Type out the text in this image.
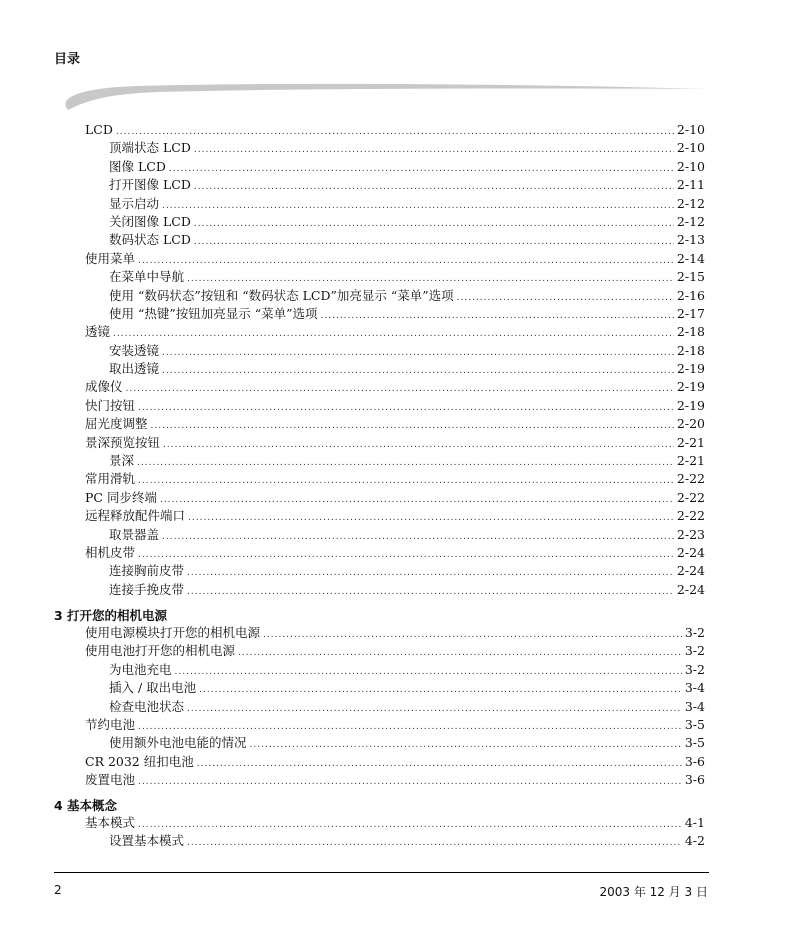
目录
LCD .....	2-10
顶端状态 LCD .....	2-10
图像 LCD .....	2-10
打开图像 LCD .....	2-11
显示启动 .....	2-12
关闭图像 LCD .....	2-12
数码状态 LCD .....	2-13
使用菜单 .....	2-14
在菜单中导航 .....	2-15
使用 “数码状态”按钮和 “数码状态 LCD”加亮显示 “菜单”选项 .....	2-16
使用 “热键”按钮加亮显示 “菜单”选项 .....	2-17
透镜 .....	2-18
安装透镜 .....	2-18
取出透镜 .....	2-19
成像仪 .....	2-19
快门按钮 .....	2-19
屈光度调整 .....	2-20
景深预览按钮 .....	2-21
景深 .....	2-21
常用滑轨 .....	2-22
PC 同步终端 .....	2-22
远程释放配件端口 .....	2-22
取景器盖 .....	2-23
相机皮带 .....	2-24
连接胸前皮带 .....	2-24
连接手挽皮带 .....	2-24
3 打开您的相机电源
使用电源模块打开您的相机电源 .....	3-2
使用电池打开您的相机电源 .....	3-2
为电池充电 .....	3-2
插入 / 取出电池 .....	3-4
检查电池状态 .....	3-4
节约电池 .....	3-5
使用额外电池电能的情况 .....	3-5
CR 2032 纽扣电池 .....	3-6
废置电池 .....	3-6
4 基本概念
基本模式 .....	4-1
设置基本模式 .....	4-2
2	2003 年 12 月 3 日
